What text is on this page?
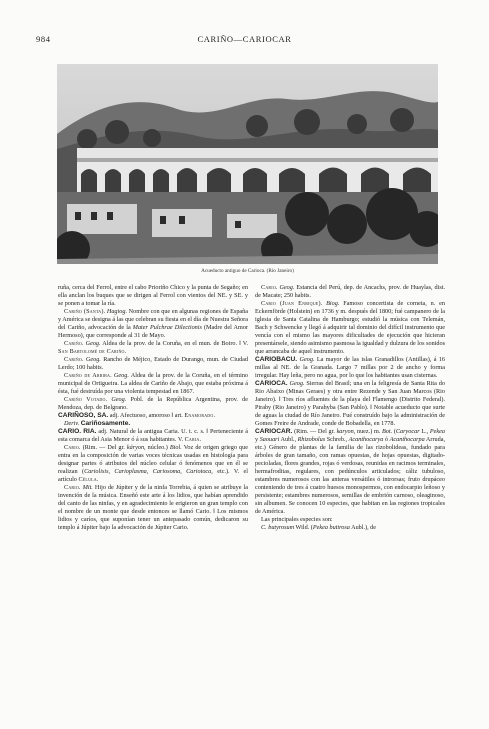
984	CARIÑO—CARIOCAR
Acueducto antiguo de Carioca. (Río Janeiro)

ruña, cerca del Ferrol, entre el cabo Prioriño Chico y la punta de Segaño; en ella anclan los buques que se dirigen al Ferrol con vientos del NE. y SE. y se ponen a tomar la ría.

Cariño (Santa). Hagiog. Nombre con que en algunas regiones de España y América se designa á las que celebran su fiesta en el día de Nuestra Señora del Cariño, advocación de la Mater Pulchrae Dilectionis (Madre del Amor Hermoso), que corresponde al 31 de Mayo.

Cariño. Geog. Aldea de la prov. de la Coruña, en el mun. de Boiro. ‖ V. San Bartolomé de Cariño.

Cariño. Geog. Rancho de Méjico, Estado de Durango, mun. de Ciudad Lerdo; 100 habits.

Cariño de Arriba. Geog. Aldea de la prov. de la Coruña, en el término municipal de Ortigueira. La aldea de Cariño de Abajo, que estaba próxima á ésta, fué destruída por una violenta tempestad en 1867.

Cariño Votado. Geog. Pobl. de la República Argentina, prov. de Mendoza, dep. de Belgrano.

CARIÑOSO, SA. adj. Afectuoso, amoroso ‖ art. Enamorado.

Deriv. Cariñosamente.

CARIO. RIA. adj. Natural de la antigua Caria. U. t. c. s. ‖ Perteneciente á esta comarca del Asia Menor ó á sus habitantes. V. Caria.

Cario. (Rim. — Del gr. káryon, núcleo.) Biol. Voz de origen griego que entra en la composición de varias voces técnicas usadas en histología para designar partes ó atributos del núcleo celular ó fenómenos que en él se realizan (Cariolisis, Carioplasma, Cariosoma, Cariotoca, etc.). V. el artículo Célula.

Cario. Mit. Hijo de Júpiter y de la ninfa Torrebia, á quien se atribuye la invención de la música. Enseñó este arte á los lidios, que habían aprendido del canto de las ninfas, y en agradecimiento le erigieron un gran templo con el nombre de un monte que desde entonces se llamó Cario. ‖ Los mismos lidios y caríos, que suponían tener un antepasado común, dedicaron su templo á Júpiter bajo la advocación de Júpiter Cario.

Cario. Geog. Estancia del Perú, dep. de Ancachs, prov. de Huaylas, dist. de Macate; 250 habits.

Cario (Juan Enrique). Biog. Famoso concertista de corneta, n. en Eckernförde (Holstein) en 1736 y m. después del 1800; fué campanero de la iglesia de Santa Catalina de Hamburgo; estudió la música con Telemán, Bach y Schwencke y llegó á adquirir tal dominio del difícil instrumento que vencía con el mismo las mayores dificultades de ejecución que hicieran presentársele, siendo asimismo pasmosa la igualdad y dulzura de los sonidos que arrancaba de aquel instrumento.

CARIOBACU. Geog. La mayor de las islas Granadillos (Antillas), á 16 millas al NE. de la Granada. Largo 7 millas por 2 de ancho y forma irregular. Hay leña, pero no agua, por lo que los habitantes usan cisternas.

CARIOCA. Geog. Sierras del Brasil; una en la feligresía de Santa Rita do Rio Abaixo (Minas Geraes) y otra entre Rezende y San Juan Marcos (Rio Janeiro). ‖ Tres ríos afluentes de la playa del Flamengo (Distrito Federal). Piraby (Rio Janeiro) y Parahyba (San Pablo). ‖ Notable acueducto que surte de aguas la ciudad de Río Janeiro. Fué construído bajo la administración de Gomes Freire de Andrade, conde de Bobadella, en 1778.

CARIOCAR. (Rim. — Del gr. karyon, nuez.) m. Bot. (Caryocar L., Pekea y Saouari Aubl., Rhizobolus Schreb., Acanthocarya ó Acanthocarpa Arruda, etc.) Género de plantas de la familia de las rizobolideas, fundado para árboles de gran tamaño, con ramas opuestas, de hojas opuestas, digitado-pecioladas, flores grandes, rojas ó verdosas, reunidas en racimos terminales, hermafroditas, regulares, con pedúnculos articulados; cáliz tubuloso, estambres numerosos con las anteras versátiles ó introrsas; fruto drupáceo conteniendo de tres á cuatro huesos monospermos, con endocarpio leñoso y persistente; estambres numerosos, semillas de embrión carnoso, oleaginoso, sin albumen. Se conocen 10 especies, que habitan en las regiones tropicales de América.

Las principales especies son:

C. butyrosum Wild. (Pekea butirosa Aubl.), de
